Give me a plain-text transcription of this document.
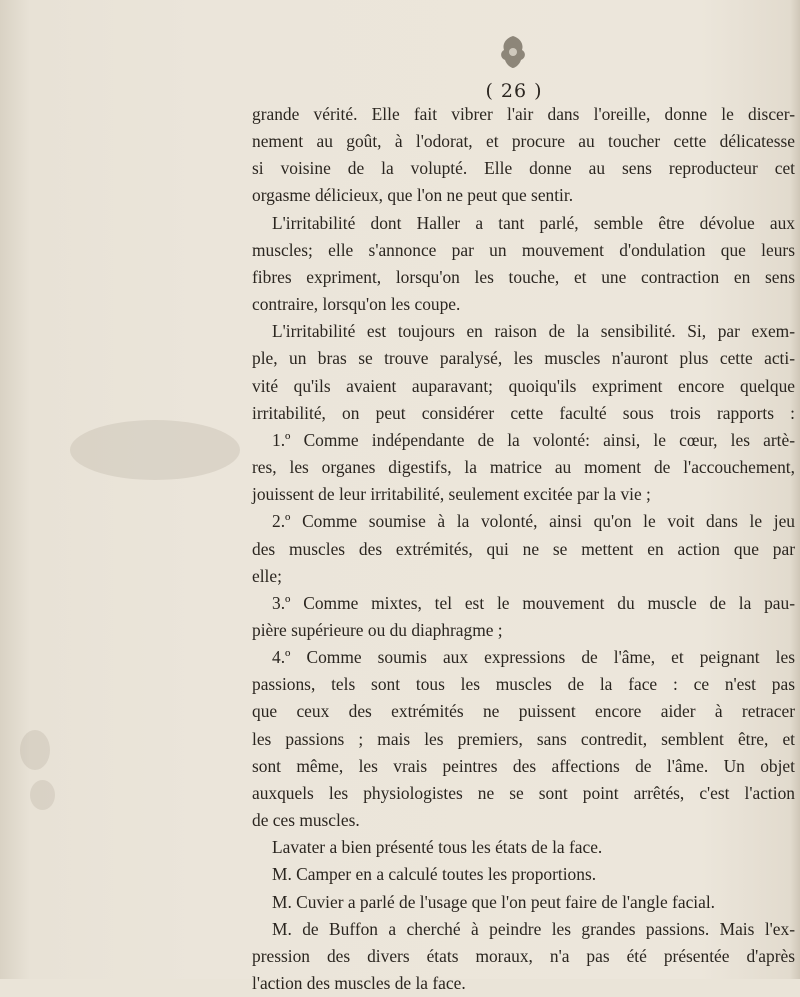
( 26 )
grande vérité. Elle fait vibrer l'air dans l'oreille, donne le discer-
nement au goût, à l'odorat, et procure au toucher cette délicatesse
si voisine de la volupté. Elle donne au sens reproducteur cet
orgasme délicieux, que l'on ne peut que sentir.
L'irritabilité dont Haller a tant parlé, semble être dévolue aux
muscles; elle s'annonce par un mouvement d'ondulation que leurs
fibres expriment, lorsqu'on les touche, et une contraction en sens
contraire, lorsqu'on les coupe.
L'irritabilité est toujours en raison de la sensibilité. Si, par exem-
ple, un bras se trouve paralysé, les muscles n'auront plus cette acti-
vité qu'ils avaient auparavant; quoiqu'ils expriment encore quelque
irritabilité, on peut considérer cette faculté sous trois rapports :
1.º Comme indépendante de la volonté: ainsi, le cœur, les artè-
res, les organes digestifs, la matrice au moment de l'accouchement,
jouissent de leur irritabilité, seulement excitée par la vie ;
2.º Comme soumise à la volonté, ainsi qu'on le voit dans le jeu
des muscles des extrémités, qui ne se mettent en action que par
elle;
3.º Comme mixtes, tel est le mouvement du muscle de la pau-
pière supérieure ou du diaphragme ;
4.º Comme soumis aux expressions de l'âme, et peignant les
passions, tels sont tous les muscles de la face : ce n'est pas
que ceux des extrémités ne puissent encore aider à retracer
les passions ; mais les premiers, sans contredit, semblent être, et
sont même, les vrais peintres des affections de l'âme. Un objet
auxquels les physiologistes ne se sont point arrêtés, c'est l'action
de ces muscles.
Lavater a bien présenté tous les états de la face.
M. Camper en a calculé toutes les proportions.
M. Cuvier a parlé de l'usage que l'on peut faire de l'angle facial.
M. de Buffon a cherché à peindre les grandes passions. Mais l'ex-
pression des divers états moraux, n'a pas été présentée d'après
l'action des muscles de la face.
